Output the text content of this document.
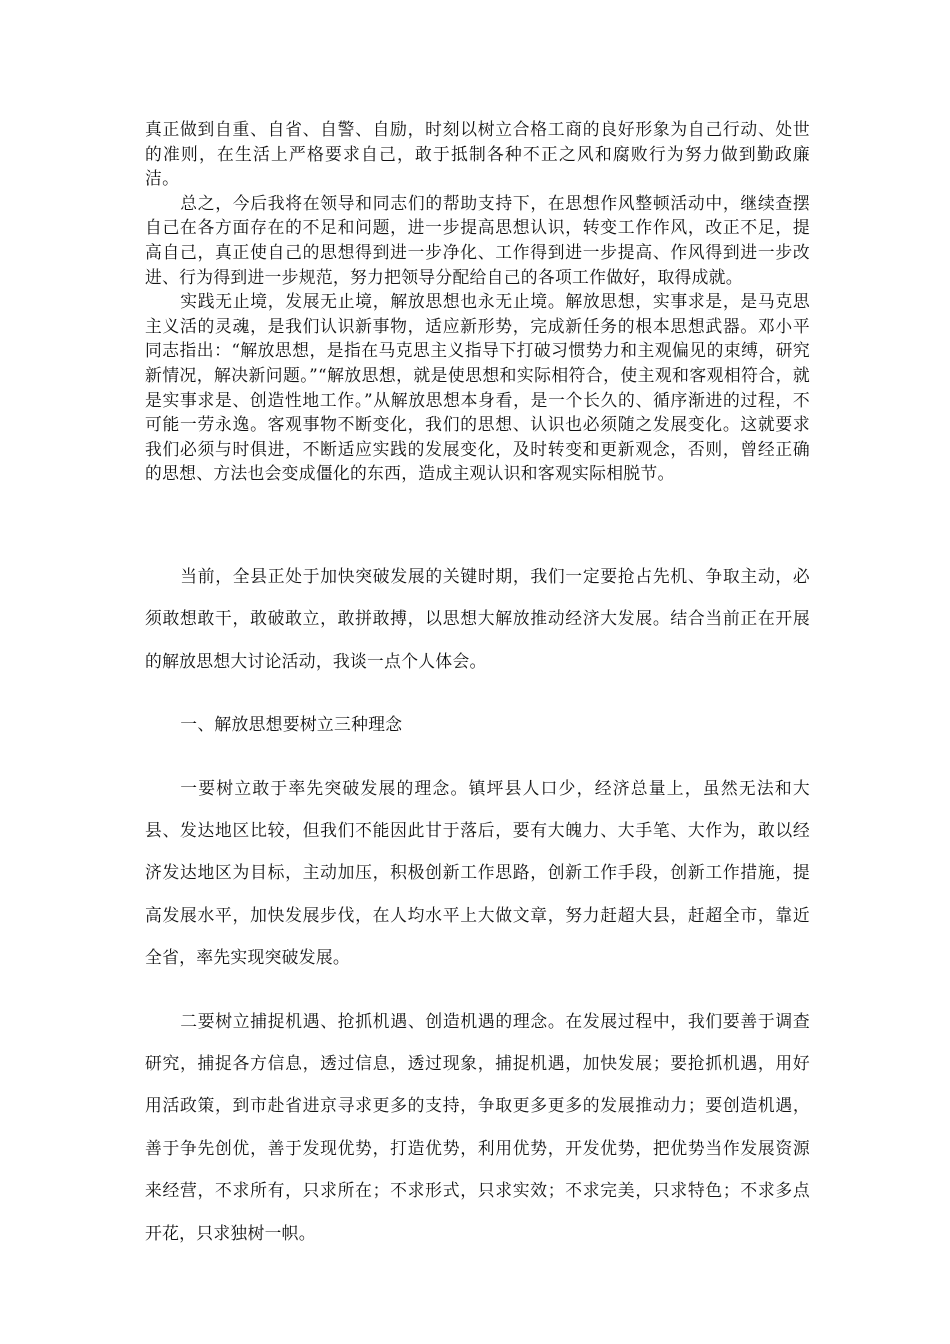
真正做到自重、自省、自警、自励，时刻以树立合格工商的良好形象为自己行动、处世的准则，在生活上严格要求自己，敢于抵制各种不正之风和腐败行为努力做到勤政廉洁。

总之，今后我将在领导和同志们的帮助支持下，在思想作风整顿活动中，继续查摆自己在各方面存在的不足和问题，进一步提高思想认识，转变工作作风，改正不足，提高自己，真正使自己的思想得到进一步净化、工作得到进一步提高、作风得到进一步改进、行为得到进一步规范，努力把领导分配给自己的各项工作做好，取得成就。

实践无止境，发展无止境，解放思想也永无止境。解放思想，实事求是，是马克思主义活的灵魂，是我们认识新事物，适应新形势，完成新任务的根本思想武器。邓小平同志指出：“解放思想，是指在马克思主义指导下打破习惯势力和主观偏见的束缚，研究新情况，解决新问题。”“解放思想，就是使思想和实际相符合，使主观和客观相符合，就是实事求是、创造性地工作。”从解放思想本身看，是一个长久的、循序渐进的过程，不可能一劳永逸。客观事物不断变化，我们的思想、认识也必须随之发展变化。这就要求我们必须与时俱进，不断适应实践的发展变化，及时转变和更新观念，否则，曾经正确的思想、方法也会变成僵化的东西，造成主观认识和客观实际相脱节。

当前，全县正处于加快突破发展的关键时期，我们一定要抢占先机、争取主动，必须敢想敢干，敢破敢立，敢拼敢搏，以思想大解放推动经济大发展。结合当前正在开展的解放思想大讨论活动，我谈一点个人体会。

一、解放思想要树立三种理念

一要树立敢于率先突破发展的理念。镇坪县人口少，经济总量上，虽然无法和大县、发达地区比较，但我们不能因此甘于落后，要有大魄力、大手笔、大作为，敢以经济发达地区为目标，主动加压，积极创新工作思路，创新工作手段，创新工作措施，提高发展水平，加快发展步伐，在人均水平上大做文章，努力赶超大县，赶超全市，靠近全省，率先实现突破发展。

二要树立捕捉机遇、抢抓机遇、创造机遇的理念。在发展过程中，我们要善于调查研究，捕捉各方信息，透过信息，透过现象，捕捉机遇，加快发展；要抢抓机遇，用好用活政策，到市赴省进京寻求更多的支持，争取更多更多的发展推动力；要创造机遇，善于争先创优，善于发现优势，打造优势，利用优势，开发优势，把优势当作发展资源来经营，不求所有，只求所在；不求形式，只求实效；不求完美，只求特色；不求多点开花，只求独树一帜。
